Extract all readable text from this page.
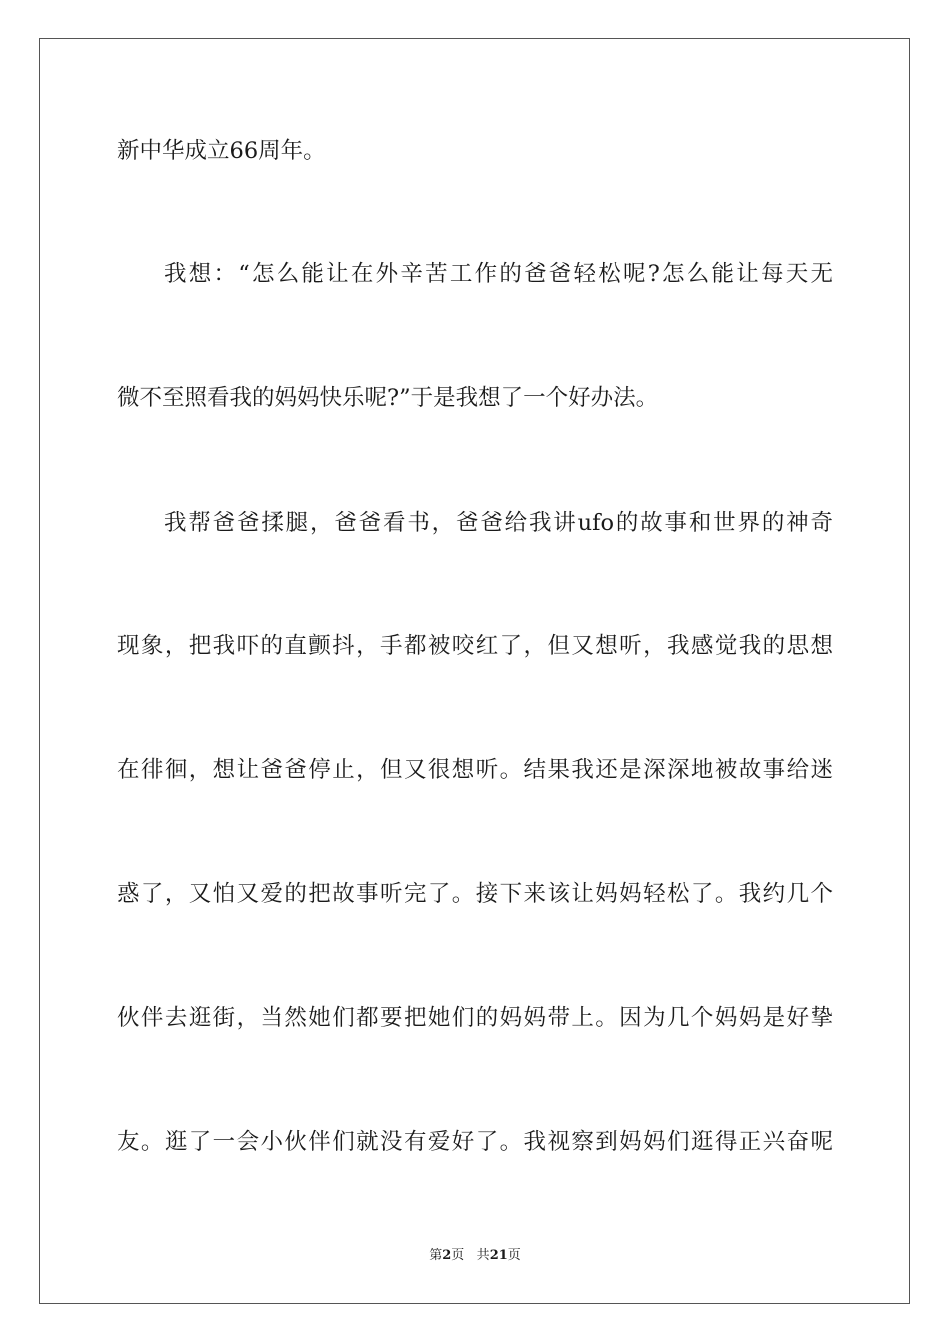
新中华成立66周年。
我想：“怎么能让在外辛苦工作的爸爸轻松呢?怎么能让每天无
微不至照看我的妈妈快乐呢?”于是我想了一个好办法。
我帮爸爸揉腿，爸爸看书，爸爸给我讲ufo的故事和世界的神奇
现象，把我吓的直颤抖，手都被咬红了，但又想听，我感觉我的思想
在徘徊，想让爸爸停止，但又很想听。结果我还是深深地被故事给迷
惑了，又怕又爱的把故事听完了。接下来该让妈妈轻松了。我约几个
伙伴去逛街，当然她们都要把她们的妈妈带上。因为几个妈妈是好挚
友。逛了一会小伙伴们就没有爱好了。我视察到妈妈们逛得正兴奋呢
第2页 共21页
